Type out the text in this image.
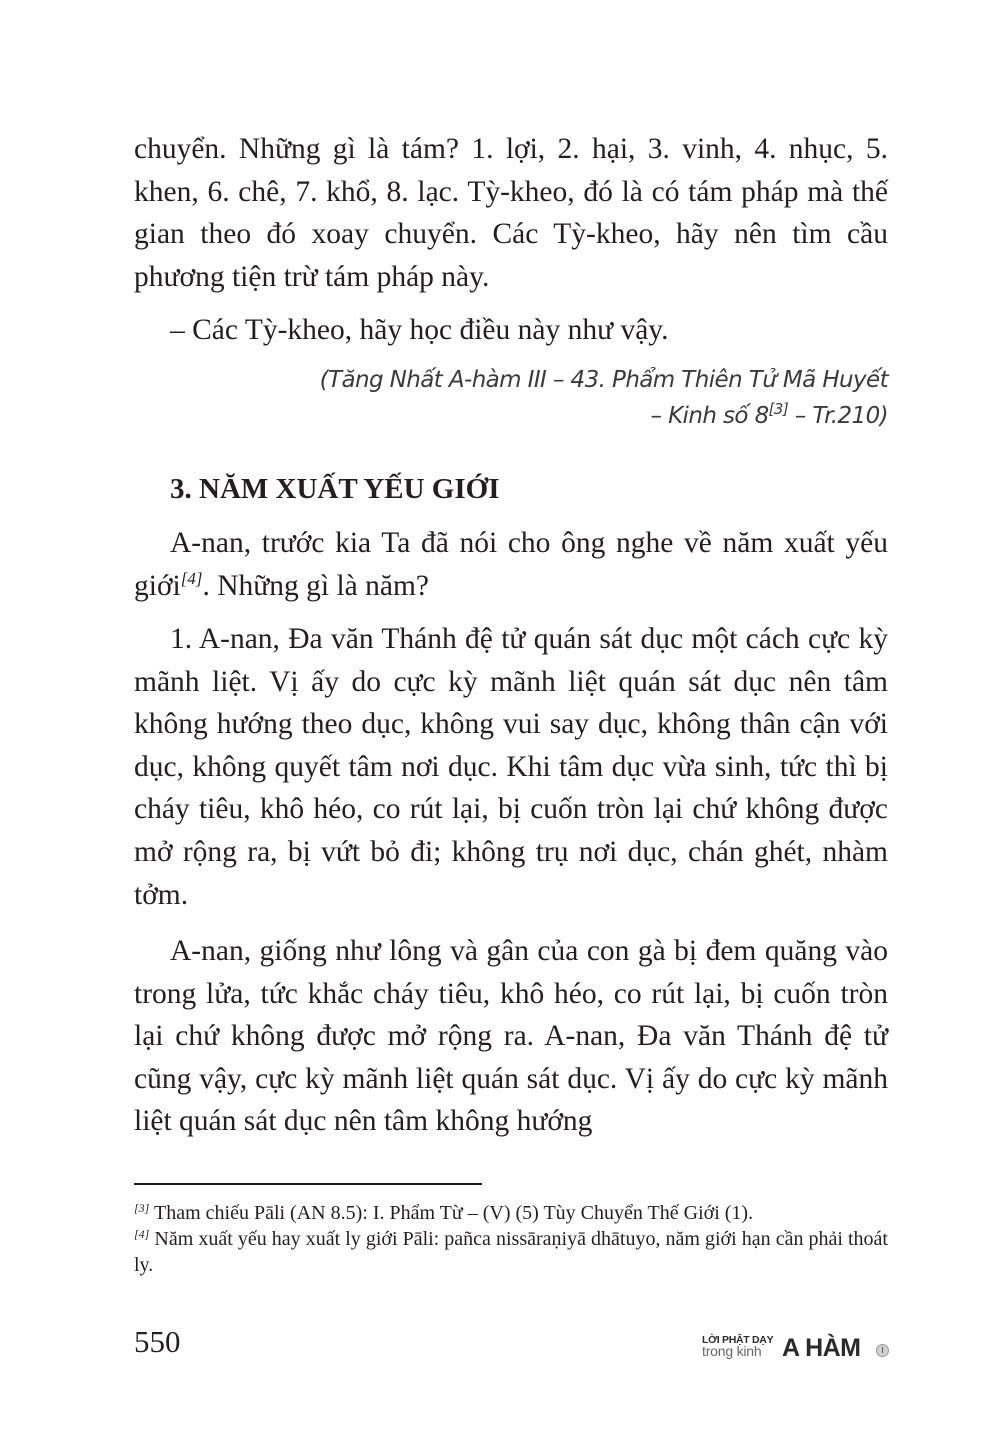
chuyển. Những gì là tám? 1. lợi, 2. hại, 3. vinh, 4. nhục, 5. khen, 6. chê, 7. khổ, 8. lạc. Tỳ-kheo, đó là có tám pháp mà thế gian theo đó xoay chuyển. Các Tỳ-kheo, hãy nên tìm cầu phương tiện trừ tám pháp này.

– Các Tỳ-kheo, hãy học điều này như vậy.

(Tăng Nhất A-hàm III – 43. Phẩm Thiên Tử Mã Huyết
– Kinh số 8[3] – Tr.210)
3. NĂM XUẤT YẾU GIỚI

A-nan, trước kia Ta đã nói cho ông nghe về năm xuất yếu giới[4]. Những gì là năm?

1. A-nan, Đa văn Thánh đệ tử quán sát dục một cách cực kỳ mãnh liệt. Vị ấy do cực kỳ mãnh liệt quán sát dục nên tâm không hướng theo dục, không vui say dục, không thân cận với dục, không quyết tâm nơi dục. Khi tâm dục vừa sinh, tức thì bị cháy tiêu, khô héo, co rút lại, bị cuốn tròn lại chứ không được mở rộng ra, bị vứt bỏ đi; không trụ nơi dục, chán ghét, nhàm tởm.

A-nan, giống như lông và gân của con gà bị đem quăng vào trong lửa, tức khắc cháy tiêu, khô héo, co rút lại, bị cuốn tròn lại chứ không được mở rộng ra. A-nan, Đa văn Thánh đệ tử cũng vậy, cực kỳ mãnh liệt quán sát dục. Vị ấy do cực kỳ mãnh liệt quán sát dục nên tâm không hướng

[3] Tham chiếu Pāli (AN 8.5): I. Phẩm Từ – (V) (5) Tùy Chuyển Thế Giới (1).

[4] Năm xuất yếu hay xuất ly giới Pāli: pañca nissāraṇiyā dhātuyo, năm giới hạn cần phải thoát ly.

550	LỜI PHẬT DẠY
trong kinh A HÀM	I
